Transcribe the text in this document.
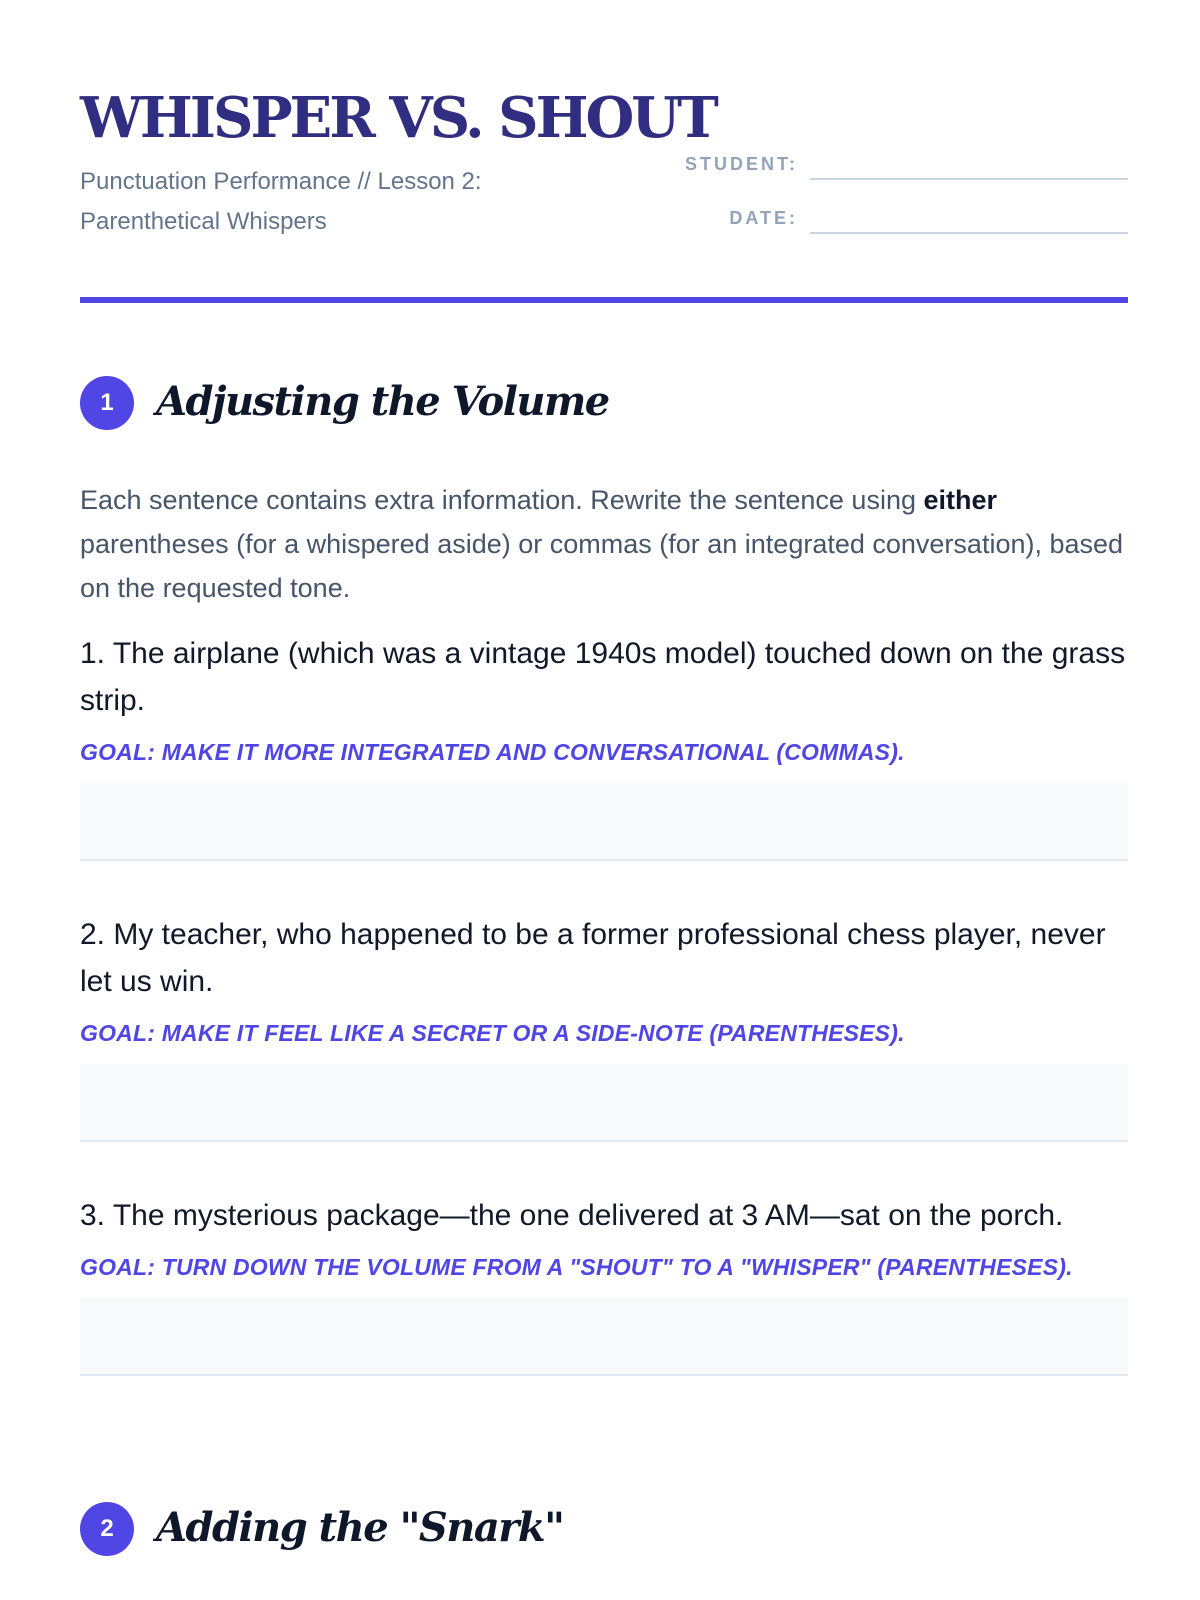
WHISPER VS. SHOUT
Punctuation Performance // Lesson 2: Parenthetical Whispers
STUDENT:
DATE:
1	Adjusting the Volume

Each sentence contains extra information. Rewrite the sentence using either parentheses (for a whispered aside) or commas (for an integrated conversation), based on the requested tone.

1. The airplane (which was a vintage 1940s model) touched down on the grass strip.

GOAL: MAKE IT MORE INTEGRATED AND CONVERSATIONAL (COMMAS).

2. My teacher, who happened to be a former professional chess player, never let us win.

GOAL: MAKE IT FEEL LIKE A SECRET OR A SIDE-NOTE (PARENTHESES).

3. The mysterious package—the one delivered at 3 AM—sat on the porch.

GOAL: TURN DOWN THE VOLUME FROM A "SHOUT" TO A "WHISPER" (PARENTHESES).

2	Adding the "Snark"
